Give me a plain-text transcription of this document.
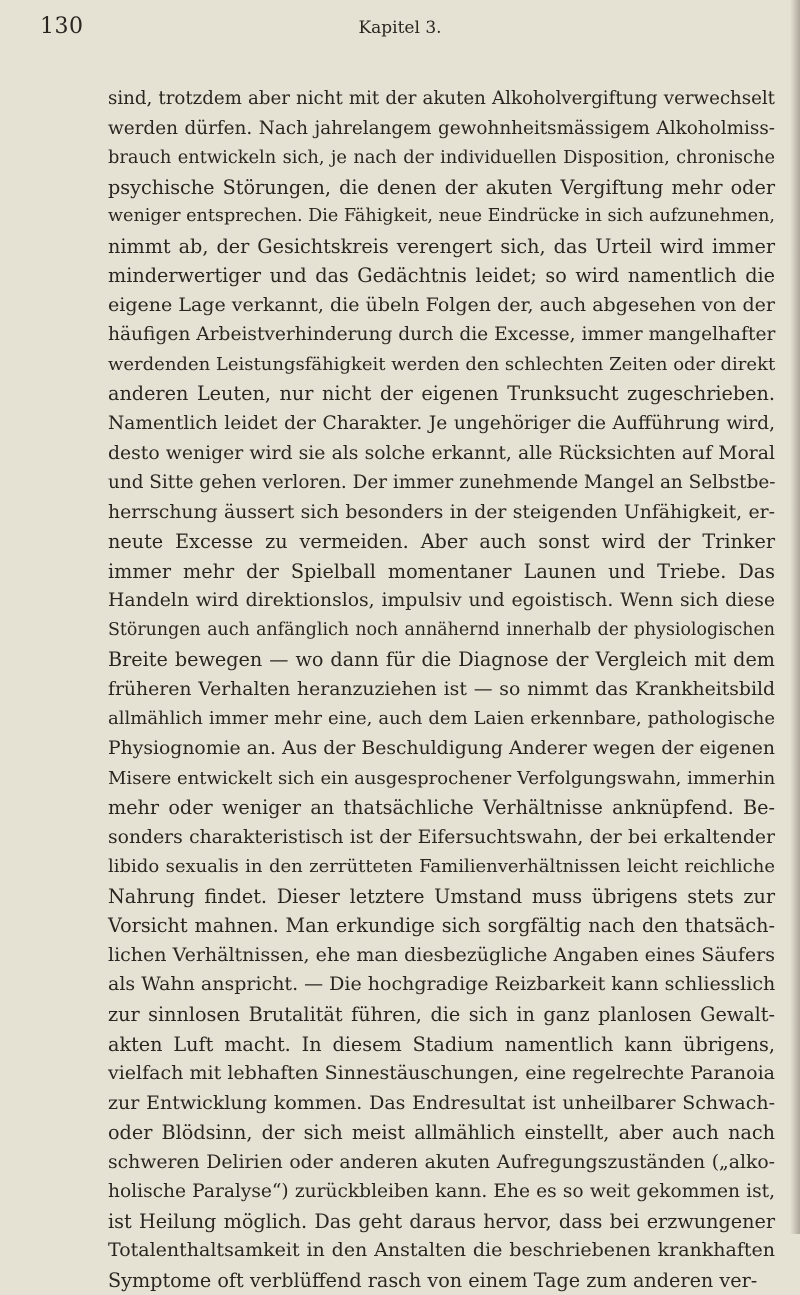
130	Kapitel 3.
sind, trotzdem aber nicht mit der akuten Alkoholvergiftung verwechselt
werden dürfen. Nach jahrelangem gewohnheitsmässigem Alkoholmiss-
brauch entwickeln sich, je nach der individuellen Disposition, chronische
psychische Störungen, die denen der akuten Vergiftung mehr oder
weniger entsprechen. Die Fähigkeit, neue Eindrücke in sich aufzunehmen,
nimmt ab, der Gesichtskreis verengert sich, das Urteil wird immer
minderwertiger und das Gedächtnis leidet; so wird namentlich die
eigene Lage verkannt, die übeln Folgen der, auch abgesehen von der
häufigen Arbeistverhinderung durch die Excesse, immer mangelhafter
werdenden Leistungsfähigkeit werden den schlechten Zeiten oder direkt
anderen Leuten, nur nicht der eigenen Trunksucht zugeschrieben.
Namentlich leidet der Charakter. Je ungehöriger die Aufführung wird,
desto weniger wird sie als solche erkannt, alle Rücksichten auf Moral
und Sitte gehen verloren. Der immer zunehmende Mangel an Selbstbe-
herrschung äussert sich besonders in der steigenden Unfähigkeit, er-
neute Excesse zu vermeiden. Aber auch sonst wird der Trinker
immer mehr der Spielball momentaner Launen und Triebe. Das
Handeln wird direktionslos, impulsiv und egoistisch. Wenn sich diese
Störungen auch anfänglich noch annähernd innerhalb der physiologischen
Breite bewegen — wo dann für die Diagnose der Vergleich mit dem
früheren Verhalten heranzuziehen ist — so nimmt das Krankheitsbild
allmählich immer mehr eine, auch dem Laien erkennbare, pathologische
Physiognomie an. Aus der Beschuldigung Anderer wegen der eigenen
Misere entwickelt sich ein ausgesprochener Verfolgungswahn, immerhin
mehr oder weniger an thatsächliche Verhältnisse anknüpfend. Be-
sonders charakteristisch ist der Eifersuchtswahn, der bei erkaltender
libido sexualis in den zerrütteten Familienverhältnissen leicht reichliche
Nahrung findet. Dieser letztere Umstand muss übrigens stets zur
Vorsicht mahnen. Man erkundige sich sorgfältig nach den thatsäch-
lichen Verhältnissen, ehe man diesbezügliche Angaben eines Säufers
als Wahn anspricht. — Die hochgradige Reizbarkeit kann schliesslich
zur sinnlosen Brutalität führen, die sich in ganz planlosen Gewalt-
akten Luft macht. In diesem Stadium namentlich kann übrigens,
vielfach mit lebhaften Sinnestäuschungen, eine regelrechte Paranoia
zur Entwicklung kommen. Das Endresultat ist unheilbarer Schwach-
oder Blödsinn, der sich meist allmählich einstellt, aber auch nach
schweren Delirien oder anderen akuten Aufregungszuständen („alko-
holische Paralyse“) zurückbleiben kann. Ehe es so weit gekommen ist,
ist Heilung möglich. Das geht daraus hervor, dass bei erzwungener
Totalenthaltsamkeit in den Anstalten die beschriebenen krankhaften
Symptome oft verblüffend rasch von einem Tage zum anderen ver-
